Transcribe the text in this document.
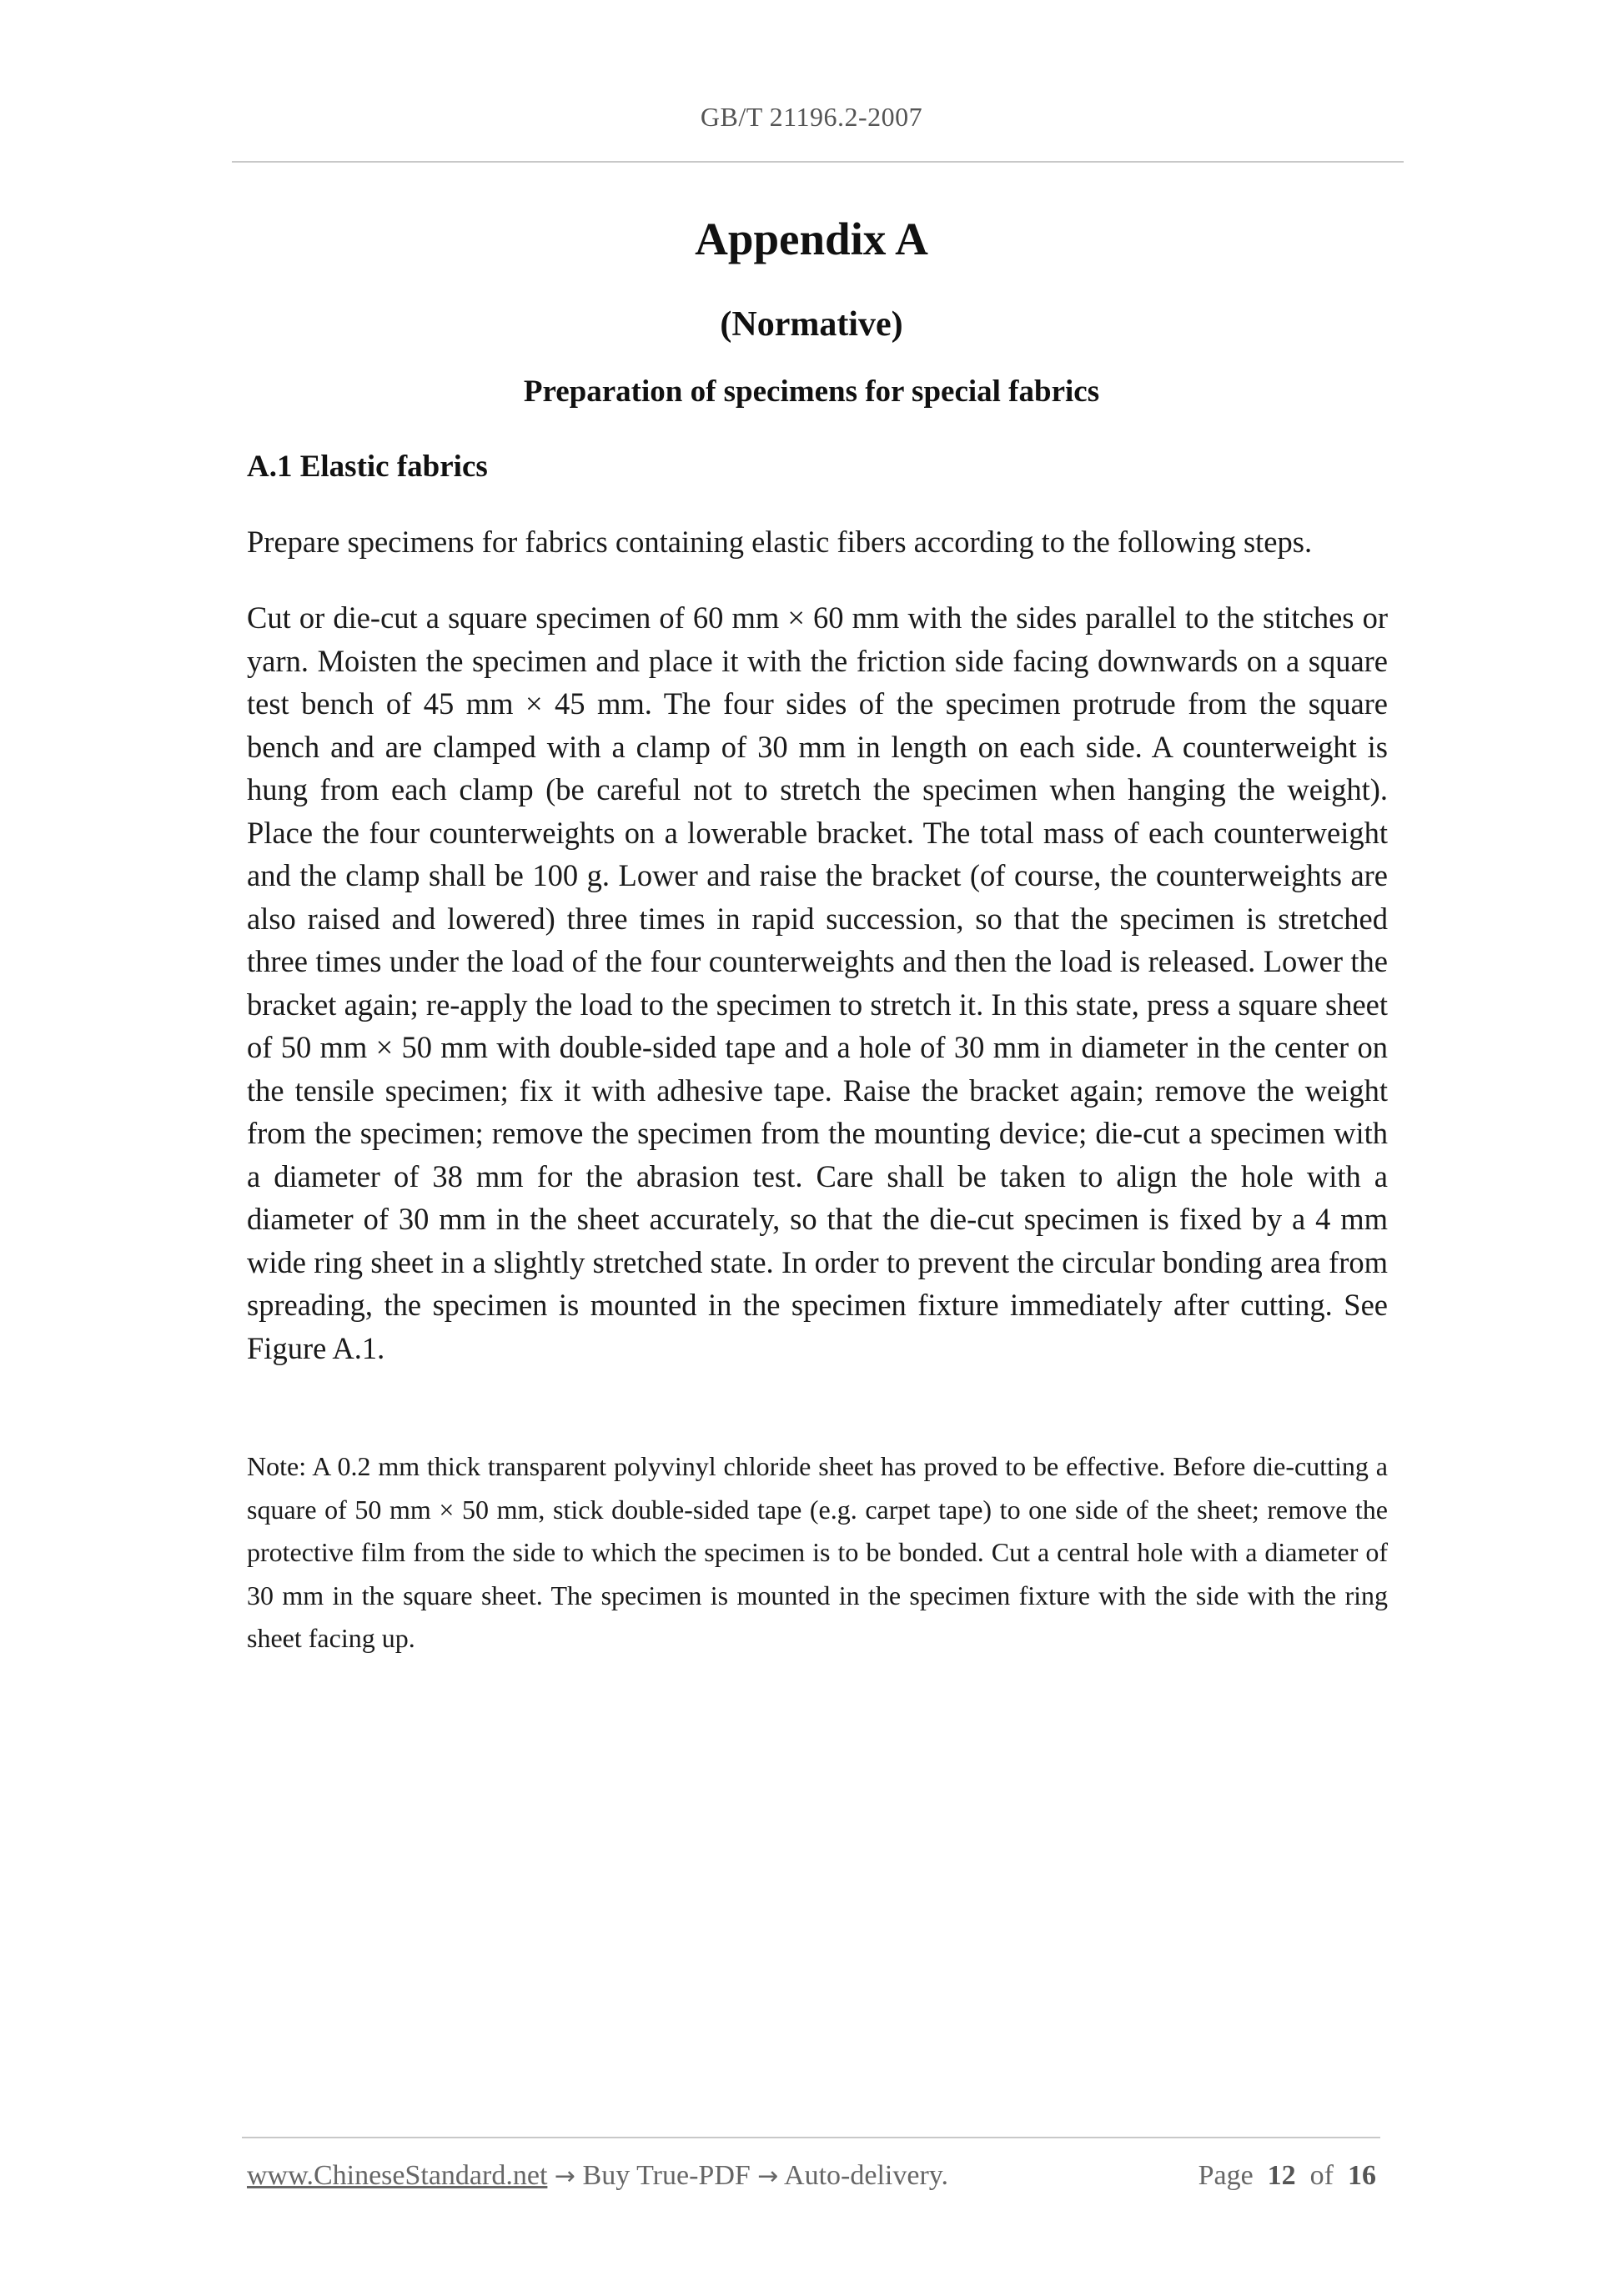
GB/T 21196.2-2007
Appendix A
(Normative)
Preparation of specimens for special fabrics
A.1 Elastic fabrics
Prepare specimens for fabrics containing elastic fibers according to the following steps.
Cut or die-cut a square specimen of 60 mm × 60 mm with the sides parallel to the stitches or yarn. Moisten the specimen and place it with the friction side facing downwards on a square test bench of 45 mm × 45 mm. The four sides of the specimen protrude from the square bench and are clamped with a clamp of 30 mm in length on each side. A counterweight is hung from each clamp (be careful not to stretch the specimen when hanging the weight). Place the four counterweights on a lowerable bracket. The total mass of each counterweight and the clamp shall be 100 g. Lower and raise the bracket (of course, the counterweights are also raised and lowered) three times in rapid succession, so that the specimen is stretched three times under the load of the four counterweights and then the load is released. Lower the bracket again; re-apply the load to the specimen to stretch it. In this state, press a square sheet of 50 mm × 50 mm with double-sided tape and a hole of 30 mm in diameter in the center on the tensile specimen; fix it with adhesive tape. Raise the bracket again; remove the weight from the specimen; remove the specimen from the mounting device; die-cut a specimen with a diameter of 38 mm for the abrasion test. Care shall be taken to align the hole with a diameter of 30 mm in the sheet accurately, so that the die-cut specimen is fixed by a 4 mm wide ring sheet in a slightly stretched state. In order to prevent the circular bonding area from spreading, the specimen is mounted in the specimen fixture immediately after cutting. See Figure A.1.
Note: A 0.2 mm thick transparent polyvinyl chloride sheet has proved to be effective. Before die-cutting a square of 50 mm × 50 mm, stick double-sided tape (e.g. carpet tape) to one side of the sheet; remove the protective film from the side to which the specimen is to be bonded. Cut a central hole with a diameter of 30 mm in the square sheet. The specimen is mounted in the specimen fixture with the side with the ring sheet facing up.
www.ChineseStandard.net → Buy True-PDF → Auto-delivery.	Page 12 of 16
